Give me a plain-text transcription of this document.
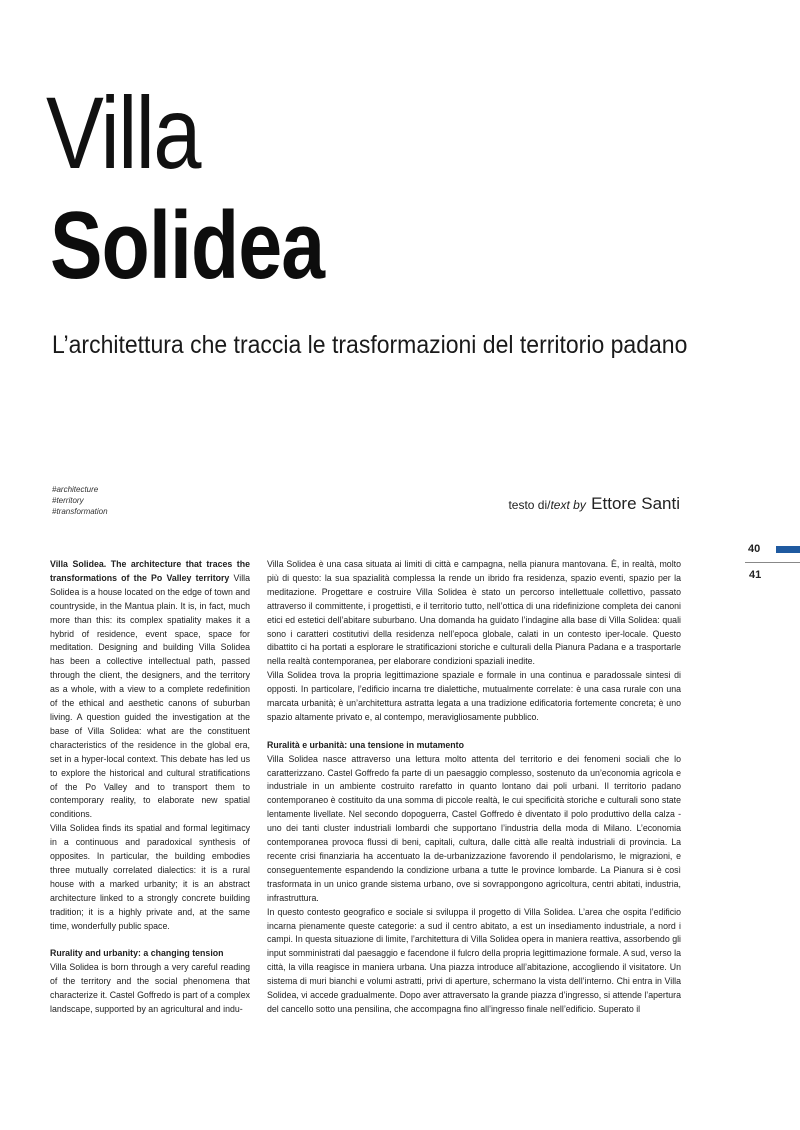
Villa
Solidea
L’architettura che traccia le trasformazioni del territorio padano
#architecture
#territory
#transformation	testo di/text by Ettore Santi
40
41

Villa Solidea. The architecture that traces the transformations of the Po Valley territory Villa Solidea is a house located on the edge of town and countryside, in the Mantua plain. It is, in fact, much more than this: its complex spatiality makes it a hybrid of residence, event space, space for meditation. Designing and building Villa Solidea has been a collective intellectual path, passed through the client, the designers, and the territory as a whole, with a view to a complete redefinition of the ethical and aesthetic canons of suburban living. A question guided the investigation at the base of Villa Solidea: what are the constituent characteristics of the residence in the global era, set in a hyper-local context. This debate has led us to explore the historical and cultural stratifications of the Po Valley and to transport them to contemporary reality, to elaborate new spatial conditions.

Villa Solidea finds its spatial and formal legitimacy in a continuous and paradoxical synthesis of opposites. In particular, the building embodies three mutually correlated dialectics: it is a rural house with a marked urbanity; it is an abstract architecture linked to a strongly concrete building tradition; it is a highly private and, at the same time, wonderfully public space.

Rurality and urbanity: a changing tension

Villa Solidea is born through a very careful reading of the territory and the social phenomena that characterize it. Castel Goffredo is part of a complex landscape, supported by an agricultural and indu-

Villa Solidea è una casa situata ai limiti di città e campagna, nella pianura mantovana. È, in realtà, molto più di questo: la sua spazialità complessa la rende un ibrido fra residenza, spazio eventi, spazio per la meditazione. Progettare e costruire Villa Solidea è stato un percorso intellettuale collettivo, passato attraverso il committente, i progettisti, e il territorio tutto, nell’ottica di una ridefinizione completa dei canoni etici ed estetici dell’abitare suburbano. Una domanda ha guidato l’indagine alla base di Villa Solidea: quali sono i caratteri costitutivi della residenza nell’epoca globale, calati in un contesto iper-locale. Questo dibattito ci ha portati a esplorare le stratificazioni storiche e culturali della Pianura Padana e a trasportarle nella realtà contemporanea, per elaborare condizioni spaziali inedite.

Villa Solidea trova la propria legittimazione spaziale e formale in una continua e paradossale sintesi di opposti. In particolare, l’edificio incarna tre dialettiche, mutualmente correlate: è una casa rurale con una marcata urbanità; è un’architettura astratta legata a una tradizione edificatoria fortemente concreta; è uno spazio altamente privato e, al contempo, meravigliosamente pubblico.

Ruralità e urbanità: una tensione in mutamento

Villa Solidea nasce attraverso una lettura molto attenta del territorio e dei fenomeni sociali che lo caratterizzano. Castel Goffredo fa parte di un paesaggio complesso, sostenuto da un’economia agricola e industriale in un ambiente costruito rarefatto in quanto lontano dai poli urbani. Il territorio padano contemporaneo è costituito da una somma di piccole realtà, le cui specificità storiche e culturali sono state lentamente livellate. Nel secondo dopoguerra, Castel Goffredo è diventato il polo produttivo della calza - uno dei tanti cluster industriali lombardi che supportano l’industria della moda di Milano. L’economia contemporanea provoca flussi di beni, capitali, cultura, dalle città alle realtà industriali di provincia. La recente crisi finanziaria ha accentuato la de-urbanizzazione favorendo il pendolarismo, le migrazioni, e conseguentemente espandendo la condizione urbana a tutte le province lombarde. La Pianura si è così trasformata in un unico grande sistema urbano, ove si sovrappongono agricoltura, centri abitati, industria, infrastruttura.

In questo contesto geografico e sociale si sviluppa il progetto di Villa Solidea. L’area che ospita l’edificio incarna pienamente queste categorie: a sud il centro abitato, a est un insediamento industriale, a nord i campi. In questa situazione di limite, l’architettura di Villa Solidea opera in maniera reattiva, assorbendo gli input somministrati dal paesaggio e facendone il fulcro della propria legittimazione formale. A sud, verso la città, la villa reagisce in maniera urbana. Una piazza introduce all’abitazione, accogliendo il visitatore. Un sistema di muri bianchi e volumi astratti, privi di aperture, schermano la vista dell’interno. Chi entra in Villa Solidea, vi accede gradualmente. Dopo aver attraversato la grande piazza d’ingresso, si attende l’apertura del cancello sotto una pensilina, che accompagna fino all’ingresso finale nell’edificio. Superato il
